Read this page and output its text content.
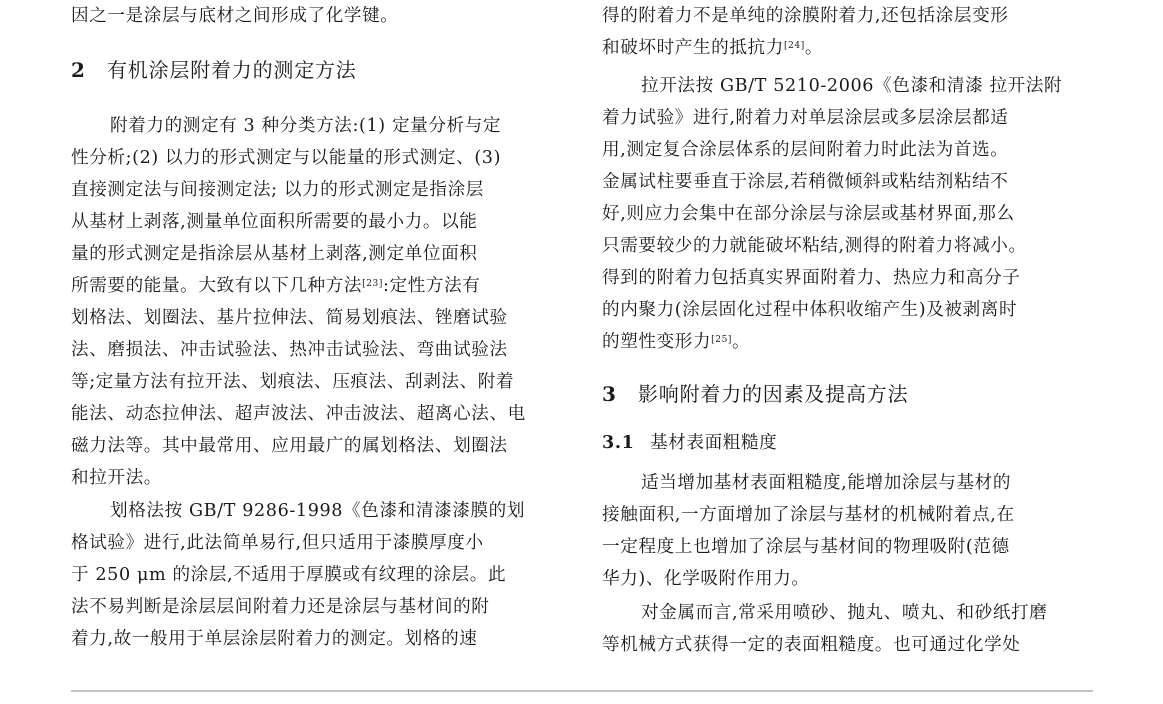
因之一是涂层与底材之间形成了化学键。
2 有机涂层附着力的测定方法
附着力的测定有 3 种分类方法:(1) 定量分析与定
性分析;(2) 以力的形式测定与以能量的形式测定、(3)
直接测定法与间接测定法; 以力的形式测定是指涂层
从基材上剥落,测量单位面积所需要的最小力。以能
量的形式测定是指涂层从基材上剥落,测定单位面积
所需要的能量。大致有以下几种方法[23]:定性方法有
划格法、划圈法、基片拉伸法、简易划痕法、锉磨试验
法、磨损法、冲击试验法、热冲击试验法、弯曲试验法
等;定量方法有拉开法、划痕法、压痕法、刮剥法、附着
能法、动态拉伸法、超声波法、冲击波法、超离心法、电
磁力法等。其中最常用、应用最广的属划格法、划圈法
和拉开法。
划格法按 GB/T 9286-1998《色漆和清漆漆膜的划
格试验》进行,此法简单易行,但只适用于漆膜厚度小
于 250 μm 的涂层,不适用于厚膜或有纹理的涂层。此
法不易判断是涂层层间附着力还是涂层与基材间的附
着力,故一般用于单层涂层附着力的测定。划格的速
得的附着力不是单纯的涂膜附着力,还包括涂层变形
和破坏时产生的抵抗力[24]。
拉开法按 GB/T 5210-2006《色漆和清漆 拉开法附
着力试验》进行,附着力对单层涂层或多层涂层都适
用,测定复合涂层体系的层间附着力时此法为首选。
金属试柱要垂直于涂层,若稍微倾斜或粘结剂粘结不
好,则应力会集中在部分涂层与涂层或基材界面,那么
只需要较少的力就能破坏粘结,测得的附着力将减小。
得到的附着力包括真实界面附着力、热应力和高分子
的内聚力(涂层固化过程中体积收缩产生)及被剥离时
的塑性变形力[25]。
3 影响附着力的因素及提高方法
3.1 基材表面粗糙度
适当增加基材表面粗糙度,能增加涂层与基材的
接触面积,一方面增加了涂层与基材的机械附着点,在
一定程度上也增加了涂层与基材间的物理吸附(范德
华力)、化学吸附作用力。
对金属而言,常采用喷砂、抛丸、喷丸、和砂纸打磨
等机械方式获得一定的表面粗糙度。也可通过化学处
